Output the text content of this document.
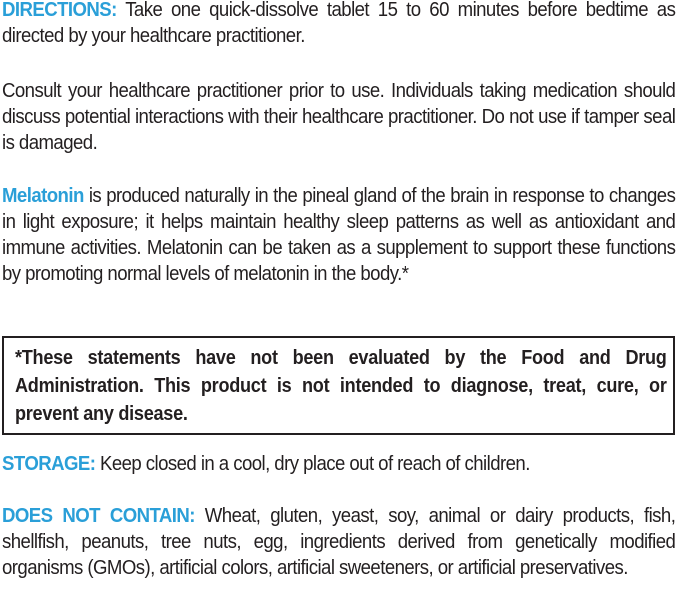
DIRECTIONS: Take one quick-dissolve tablet 15 to 60 minutes before bedtime as directed by your healthcare practitioner.

Consult your healthcare practitioner prior to use. Individuals taking medication should discuss potential interactions with their healthcare practitioner. Do not use if tamper seal is damaged.

Melatonin is produced naturally in the pineal gland of the brain in response to changes in light exposure; it helps maintain healthy sleep patterns as well as antioxidant and immune activities. Melatonin can be taken as a supplement to support these functions by promoting normal levels of melatonin in the body.*

*These statements have not been evaluated by the Food and Drug Administration. This product is not intended to diagnose, treat, cure, or prevent any disease.

STORAGE: Keep closed in a cool, dry place out of reach of children.

DOES NOT CONTAIN: Wheat, gluten, yeast, soy, animal or dairy products, fish, shellfish, peanuts, tree nuts, egg, ingredients derived from genetically modified organisms (GMOs), artificial colors, artificial sweeteners, or artificial preservatives.
